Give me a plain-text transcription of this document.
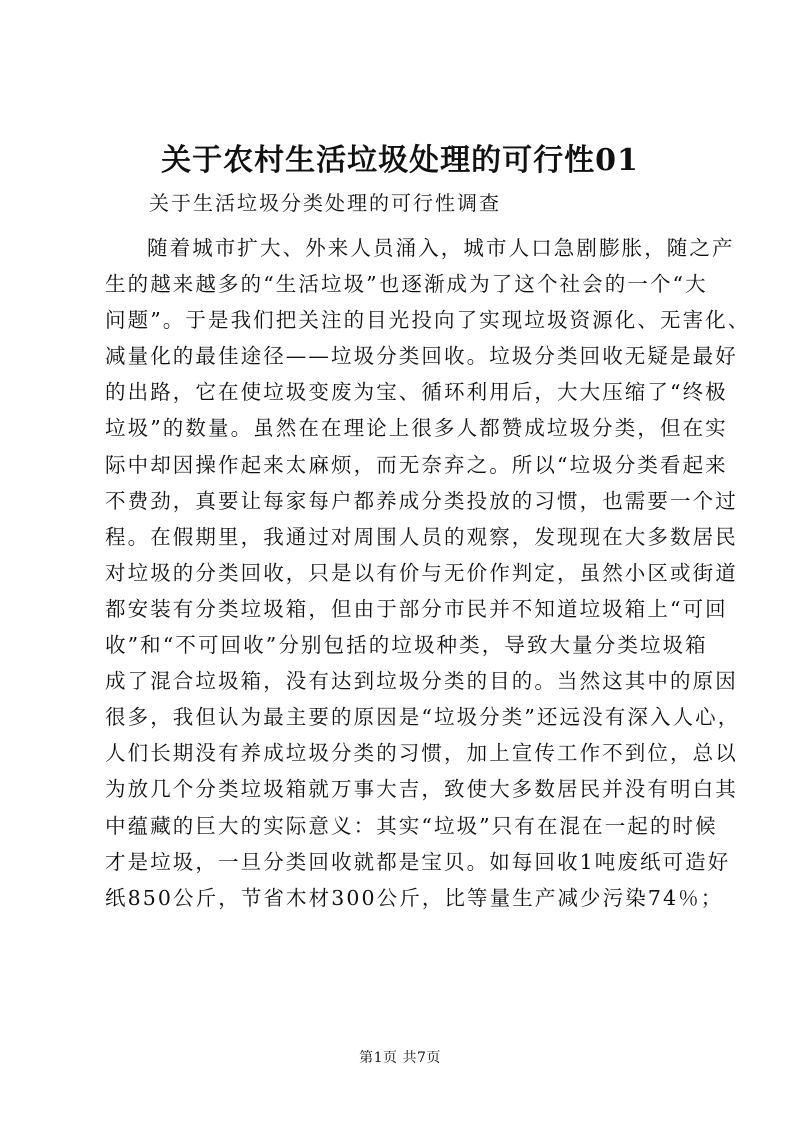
关于农村生活垃圾处理的可行性01
关于生活垃圾分类处理的可行性调查
随着城市扩大、外来人员涌入，城市人口急剧膨胀，随之产
生的越来越多的“生活垃圾”也逐渐成为了这个社会的一个“大
问题”。于是我们把关注的目光投向了实现垃圾资源化、无害化、
减量化的最佳途径——垃圾分类回收。垃圾分类回收无疑是最好
的出路，它在使垃圾变废为宝、循环利用后，大大压缩了“终极
垃圾”的数量。虽然在在理论上很多人都赞成垃圾分类，但在实
际中却因操作起来太麻烦，而无奈弃之。所以“垃圾分类看起来
不费劲，真要让每家每户都养成分类投放的习惯，也需要一个过
程。在假期里，我通过对周围人员的观察，发现现在大多数居民
对垃圾的分类回收，只是以有价与无价作判定，虽然小区或街道
都安装有分类垃圾箱，但由于部分市民并不知道垃圾箱上“可回
收”和“不可回收”分别包括的垃圾种类，导致大量分类垃圾箱
成了混合垃圾箱，没有达到垃圾分类的目的。当然这其中的原因
很多，我但认为最主要的原因是“垃圾分类”还远没有深入人心，
人们长期没有养成垃圾分类的习惯，加上宣传工作不到位，总以
为放几个分类垃圾箱就万事大吉，致使大多数居民并没有明白其
中蕴藏的巨大的实际意义：其实“垃圾”只有在混在一起的时候
才是垃圾，一旦分类回收就都是宝贝。如每回收1吨废纸可造好
纸850公斤，节省木材300公斤，比等量生产减少污染74％；
第1页 共7页
